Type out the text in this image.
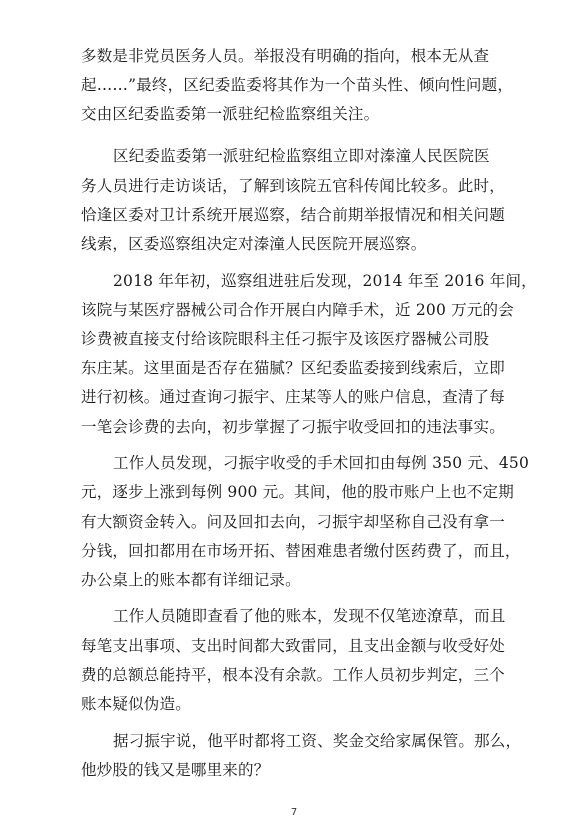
多数是非党员医务人员。举报没有明确的指向，根本无从查
起……”最终，区纪委监委将其作为一个苗头性、倾向性问题，
交由区纪委监委第一派驻纪检监察组关注。
区纪委监委第一派驻纪检监察组立即对溱潼人民医院医
务人员进行走访谈话，了解到该院五官科传闻比较多。此时，
恰逢区委对卫计系统开展巡察，结合前期举报情况和相关问题
线索，区委巡察组决定对溱潼人民医院开展巡察。
2018 年年初，巡察组进驻后发现，2014 年至 2016 年间，
该院与某医疗器械公司合作开展白内障手术，近 200 万元的会
诊费被直接支付给该院眼科主任刁振宇及该医疗器械公司股
东庄某。这里面是否存在猫腻？区纪委监委接到线索后，立即
进行初核。通过查询刁振宇、庄某等人的账户信息，查清了每
一笔会诊费的去向，初步掌握了刁振宇收受回扣的违法事实。
工作人员发现，刁振宇收受的手术回扣由每例 350 元、450
元，逐步上涨到每例 900 元。其间，他的股市账户上也不定期
有大额资金转入。问及回扣去向，刁振宇却坚称自己没有拿一
分钱，回扣都用在市场开拓、替困难患者缴付医药费了，而且，
办公桌上的账本都有详细记录。
工作人员随即查看了他的账本，发现不仅笔迹潦草，而且
每笔支出事项、支出时间都大致雷同，且支出金额与收受好处
费的总额总能持平，根本没有余款。工作人员初步判定，三个
账本疑似伪造。
据刁振宇说，他平时都将工资、奖金交给家属保管。那么，
他炒股的钱又是哪里来的？
7
